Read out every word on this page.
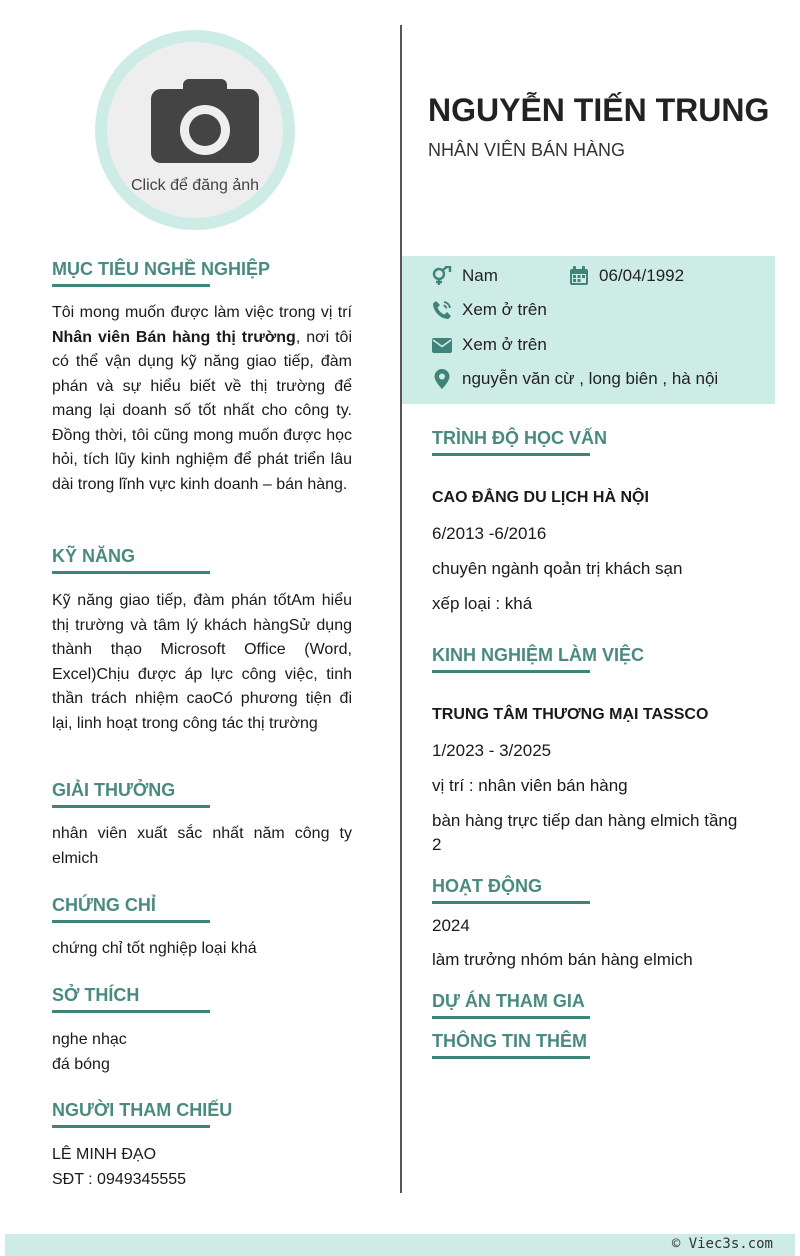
Click để đăng ảnh
MỤC TIÊU NGHỀ NGHIỆP
Tôi mong muốn được làm việc trong vị trí Nhân viên Bán hàng thị trường, nơi tôi có thể vận dụng kỹ năng giao tiếp, đàm phán và sự hiểu biết về thị trường để mang lại doanh số tốt nhất cho công ty. Đồng thời, tôi cũng mong muốn được học hỏi, tích lũy kinh nghiệm để phát triển lâu dài trong lĩnh vực kinh doanh – bán hàng.
KỸ NĂNG
Kỹ năng giao tiếp, đàm phán tốtAm hiểu thị trường và tâm lý khách hàngSử dụng thành thạo Microsoft Office (Word, Excel)Chịu được áp lực công việc, tinh thần trách nhiệm caoCó phương tiện đi lại, linh hoạt trong công tác thị trường
GIẢI THƯỞNG
nhân viên xuất sắc nhất năm công ty elmich
CHỨNG CHỈ
chứng chỉ tốt nghiệp loại khá
SỞ THÍCH

nghe nhạc

đá bóng

NGƯỜI THAM CHIẾU

LÊ MINH ĐẠO

SĐT : 0949345555

NGUYỄN TIẾN TRUNG
NHÂN VIÊN BÁN HÀNG
Nam	06/04/1992
Xem ở trên
Xem ở trên
nguyễn văn cừ , long biên , hà nội
TRÌNH ĐỘ HỌC VẤN
CAO ĐẲNG DU LỊCH HÀ NỘI
6/2013 -6/2016
chuyên ngành qoản trị khách sạn
xếp loại : khá
KINH NGHIỆM LÀM VIỆC
TRUNG TÂM THƯƠNG MẠI TASSCO
1/2023 - 3/2025
vị trí : nhân viên bán hàng
bàn hàng trực tiếp dan hàng elmich tầng 2
HOẠT ĐỘNG
2024
làm trưởng nhóm bán hàng elmich
DỰ ÁN THAM GIA
THÔNG TIN THÊM
© Viec3s.com
